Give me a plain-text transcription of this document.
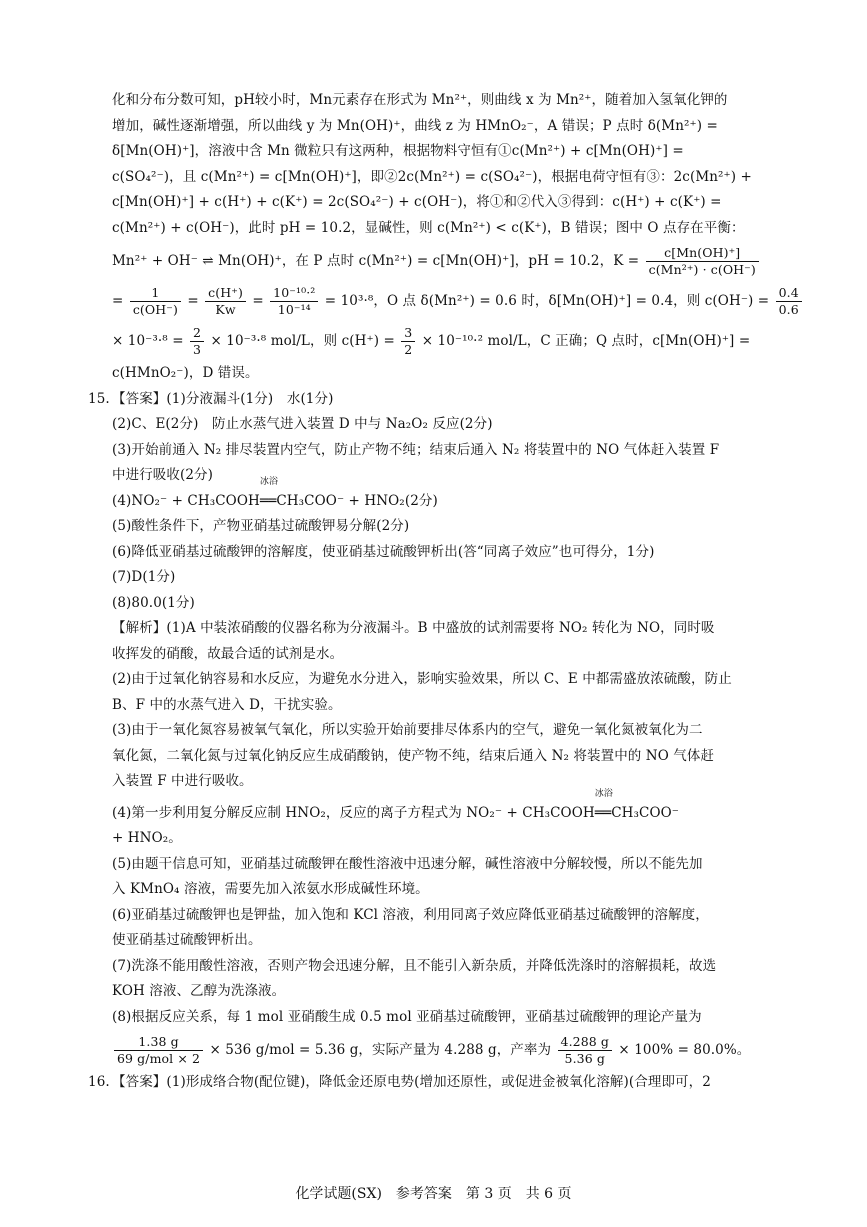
化和分布分数可知，pH较小时，Mn元素存在形式为 Mn²⁺，则曲线 x 为 Mn²⁺，随着加入氢氧化钾的
增加，碱性逐渐增强，所以曲线 y 为 Mn(OH)⁺，曲线 z 为 HMnO₂⁻，A 错误；P 点时 δ(Mn²⁺) =
δ[Mn(OH)⁺]，溶液中含 Mn 微粒只有这两种，根据物料守恒有①c(Mn²⁺) + c[Mn(OH)⁺] =
c(SO₄²⁻)，且 c(Mn²⁺) = c[Mn(OH)⁺]，即②2c(Mn²⁺) = c(SO₄²⁻)，根据电荷守恒有③：2c(Mn²⁺) +
c[Mn(OH)⁺] + c(H⁺) + c(K⁺) = 2c(SO₄²⁻) + c(OH⁻)，将①和②代入③得到：c(H⁺) + c(K⁺) =
c(Mn²⁺) + c(OH⁻)，此时 pH = 10.2，显碱性，则 c(Mn²⁺) < c(K⁺)，B 错误；图中 O 点存在平衡：
Mn²⁺ + OH⁻ ⇌ Mn(OH)⁺，在 P 点时 c(Mn²⁺) = c[Mn(OH)⁺]，pH = 10.2，$K = \frac{c[Mn(OH)^+]}{\text{c(Mn²⁺) · c(OH⁻)}}$
= $\frac{1}{c(OH^-)} = \frac{c(H^+)}{Kw} = \frac{\text{10⁻¹⁰·²}}{\text{10⁻¹⁴}} = 10^3\cdot^8$，O 点 δ(Mn²⁺) = 0.6 时，δ[Mn(OH)⁺] = 0.4，则 $c(OH^-) = \frac{0.4}{0.6}$
× $10^{-3}\cdot^8 = \frac{2}{3} \times 10^{-3}\cdot^8$ mol/L，则 $c(H^+) = \frac{3}{2} \times 10^{-10}\cdot^2$ mol/L，C 正确；Q 点时，c[Mn(OH)⁺] =
c(HMnO₂⁻)，D 错误。
15. 【答案】(1)分液漏斗(1分)　水(1分)
(2)C、E(2分)　防止水蒸气进入装置 D 中与 Na₂O₂ 反应(2分)
(3)开始前通入 N₂ 排尽装置内空气，防止产物不纯；结束后通入 N₂ 将装置中的 NO 气体赶入装置 F
中进行吸收(2分)
(4)NO₂⁻ + CH₃COOH
冰浴
══CH₃COO⁻ + HNO₂(2分)
(5)酸性条件下，产物亚硝基过硫酸钾易分解(2分)
(6)降低亚硝基过硫酸钾的溶解度，使亚硝基过硫酸钾析出(答“同离子效应”也可得分，1分)
(7)D(1分)
(8)80.0(1分)
【解析】(1)A 中装浓硝酸的仪器名称为分液漏斗。B 中盛放的试剂需要将 NO₂ 转化为 NO，同时吸
收挥发的硝酸，故最合适的试剂是水。
(2)由于过氧化钠容易和水反应，为避免水分进入，影响实验效果，所以 C、E 中都需盛放浓硫酸，防止
B、F 中的水蒸气进入 D，干扰实验。
(3)由于一氧化氮容易被氧气氧化，所以实验开始前要排尽体系内的空气，避免一氧化氮被氧化为二
氧化氮，二氧化氮与过氧化钠反应生成硝酸钠，使产物不纯，结束后通入 N₂ 将装置中的 NO 气体赶
入装置 F 中进行吸收。
(4)第一步利用复分解反应制 HNO₂，反应的离子方程式为 NO₂⁻ + CH₃COOH
冰浴
══CH₃COO⁻
+ HNO₂。
(5)由题干信息可知，亚硝基过硫酸钾在酸性溶液中迅速分解，碱性溶液中分解较慢，所以不能先加
入 KMnO₄ 溶液，需要先加入浓氨水形成碱性环境。
(6)亚硝基过硫酸钾也是钾盐，加入饱和 KCl 溶液，利用同离子效应降低亚硝基过硫酸钾的溶解度，
使亚硝基过硫酸钾析出。
(7)洗涤不能用酸性溶液，否则产物会迅速分解，且不能引入新杂质，并降低洗涤时的溶解损耗，故选
KOH 溶液、乙醇为洗涤液。
(8)根据反应关系，每 1 mol 亚硝酸生成 0.5 mol 亚硝基过硫酸钾，亚硝基过硫酸钾的理论产量为
$\frac{1.38 g}{\text{69 g/mol × 2}} \times 536$ g/mol = 5.36 g，实际产量为 4.288 g，产率为 $\frac{4.288 g}{5.36 g} \times 100\% = 80.0\%$。
16. 【答案】(1)形成络合物(配位键)，降低金还原电势(增加还原性，或促进金被氧化溶解)(合理即可，2
化学试题(SX)　参考答案　第 3 页　共 6 页
